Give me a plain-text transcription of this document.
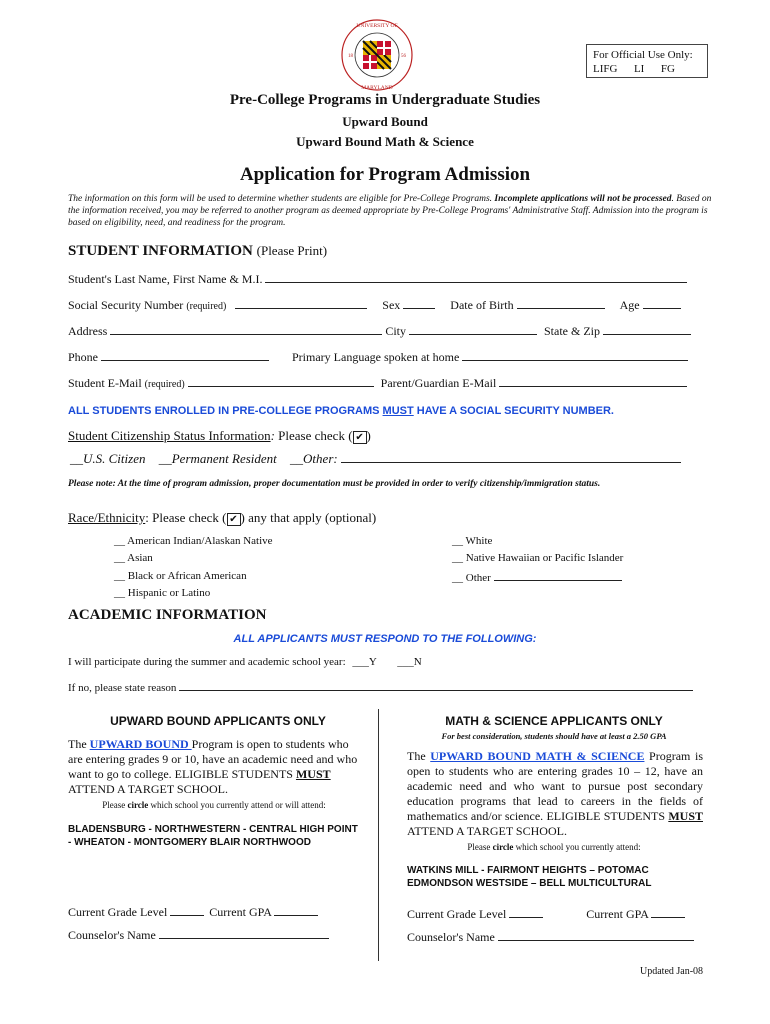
UNIVERSITY OF
MARYLAND
18	56	For Official Use Only:
LIFG      LI      FG
Pre-College Programs in Undergraduate Studies
Upward Bound
Upward Bound Math & Science
Application for Program Admission
The information on this form will be used to determine whether students are eligible for Pre-College Programs. Incomplete applications will not be processed. Based on the information received, you may be referred to another program as deemed appropriate by Pre-College Programs' Administrative Staff. Admission into the program is based on eligibility, need, and readiness for the program.
STUDENT INFORMATION (Please Print)
Student's Last Name, First Name & M.I.
Social Security Number (required)	Sex	Date of Birth	Age
Address	City	State & Zip
Phone	Primary Language spoken at home
Student E-Mail (required)	Parent/Guardian E-Mail
ALL STUDENTS ENROLLED IN PRE-COLLEGE PROGRAMS MUST HAVE A SOCIAL SECURITY NUMBER.
Student Citizenship Status Information: Please check ( ✔ )
__U.S. Citizen __Permanent Resident __Other:
Please note: At the time of program admission, proper documentation must be provided in order to verify citizenship/immigration status.
Race/Ethnicity: Please check ( ✔ ) any that apply (optional)
__ American Indian/Alaskan Native
__ Asian
__ Black or African American
__ Hispanic or Latino
__ White
__ Native Hawaiian or Pacific Islander
__ Other
ACADEMIC INFORMATION
ALL APPLICANTS MUST RESPOND TO THE FOLLOWING:
I will participate during the summer and academic school year: ___Y ___N
If no, please state reason
UPWARD BOUND APPLICANTS ONLY
The UPWARD BOUND Program is open to students who are entering grades 9 or 10, have an academic need and who want to go to college. ELIGIBLE STUDENTS MUST ATTEND A TARGET SCHOOL.
Please circle which school you currently attend or will attend:
BLADENSBURG - NORTHWESTERN - CENTRAL HIGH POINT - WHEATON - MONTGOMERY BLAIR NORTHWOOD
Current Grade Level	Current GPA
Counselor's Name
MATH & SCIENCE APPLICANTS ONLY
For best consideration, students should have at least a 2.50 GPA
The UPWARD BOUND MATH & SCIENCE Program is open to students who are entering grades 10 – 12, have an academic need and who want to pursue post secondary education programs that lead to careers in the fields of mathematics and/or science. ELIGIBLE STUDENTS MUST ATTEND A TARGET SCHOOL.
Please circle which school you currently attend:
WATKINS MILL - FAIRMONT HEIGHTS – POTOMAC EDMONDSON WESTSIDE – BELL MULTICULTURAL
Current Grade Level	Current GPA
Counselor's Name
Updated Jan-08
